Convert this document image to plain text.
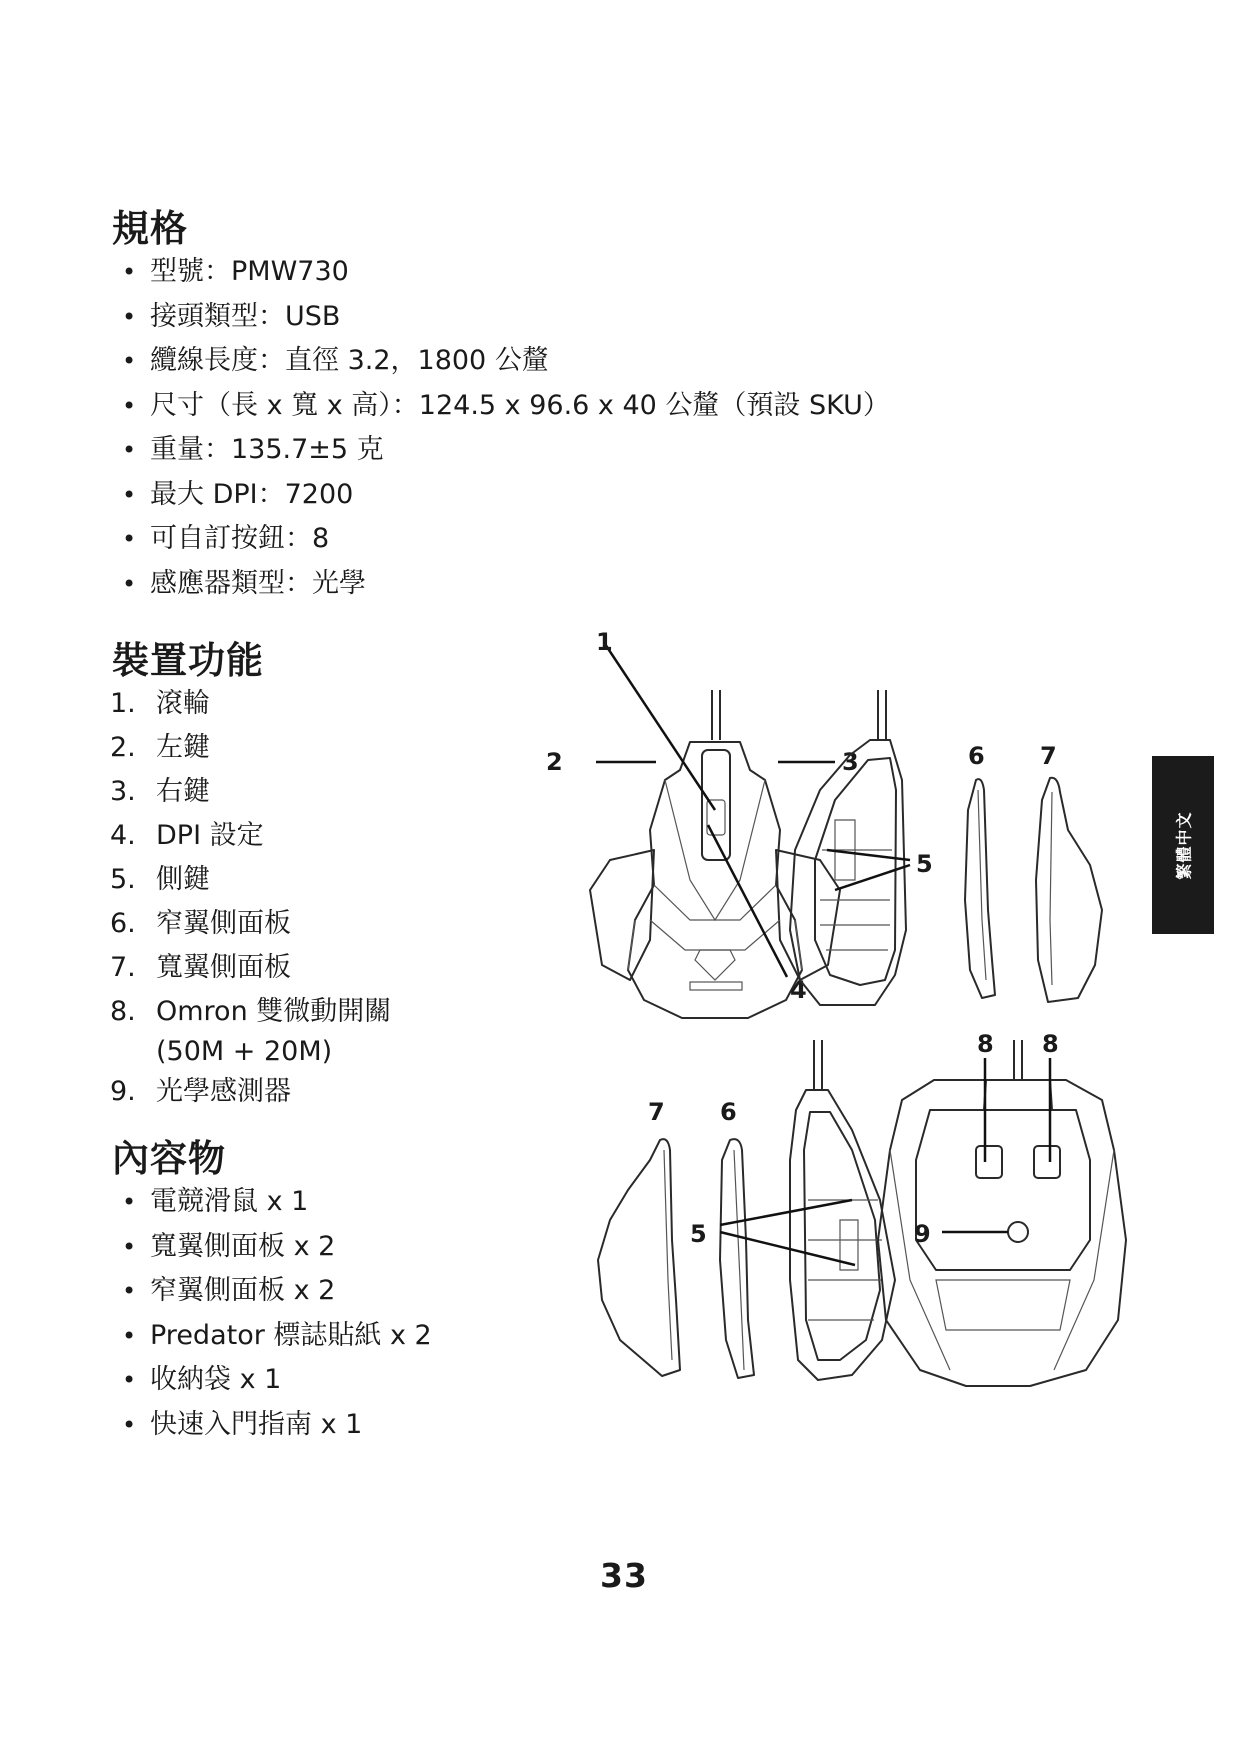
規格
• 型號：PMW730
• 接頭類型：USB
• 纜線長度：直徑 3.2，1800 公釐
• 尺寸（長 x 寬 x 高）：124.5 x 96.6 x 40 公釐（預設 SKU）
• 重量：135.7±5 克
• 最大 DPI：7200
• 可自訂按鈕：8
• 感應器類型：光學
裝置功能
1. 滾輪
2. 左鍵
3. 右鍵
4. DPI 設定
5. 側鍵
6. 窄翼側面板
7. 寬翼側面板
8. Omron 雙微動開關
(50M + 20M)
9. 光學感測器
內容物
• 電競滑鼠 x 1
• 寬翼側面板 x 2
• 窄翼側面板 x 2
• Predator 標誌貼紙 x 2
• 收納袋 x 1
• 快速入門指南 x 1
1
2	3
4
5
6 7
7 6
5
8 8
9
繁體中文
33
